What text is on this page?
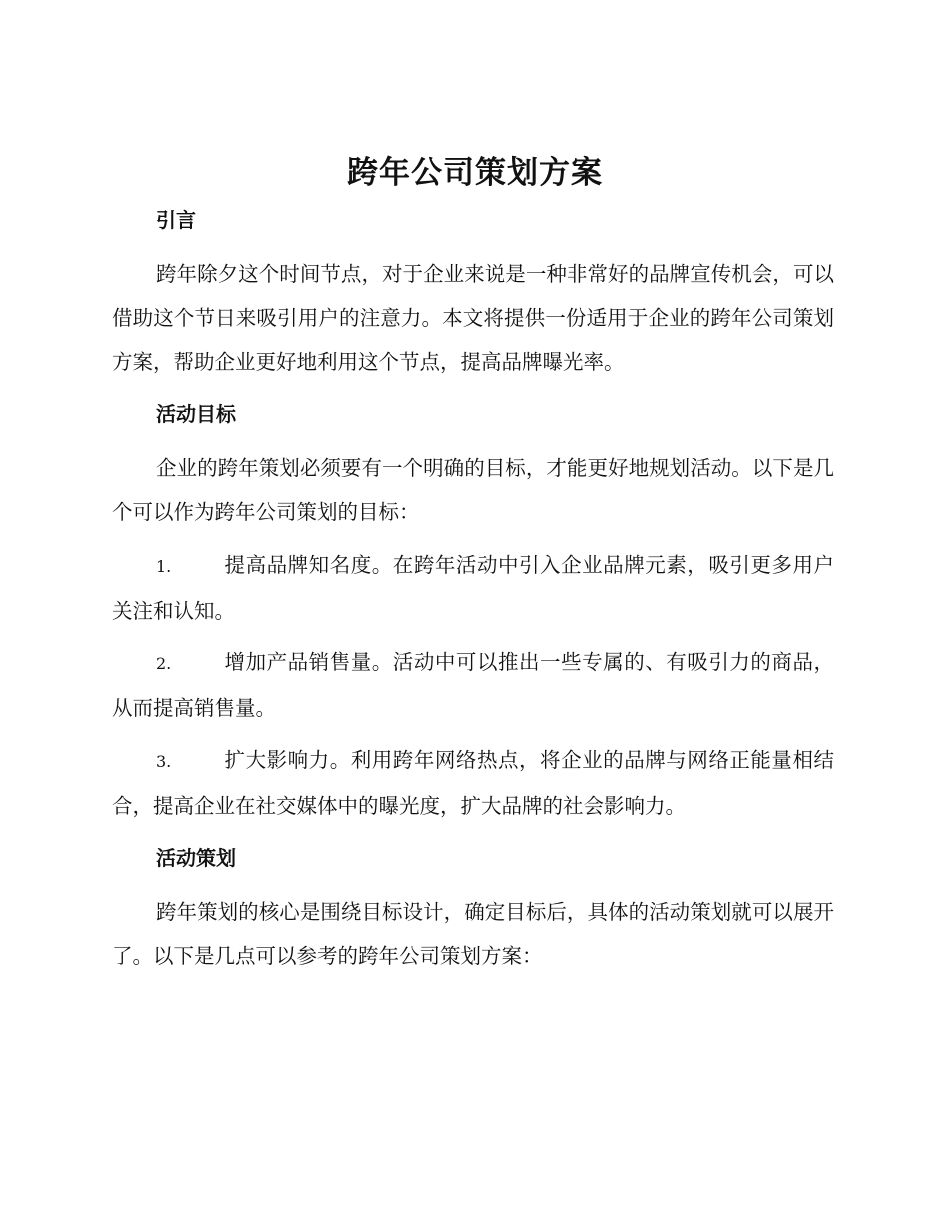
跨年公司策划方案
引言

跨年除夕这个时间节点，对于企业来说是一种非常好的品牌宣传机会，可以借助这个节日来吸引用户的注意力。本文将提供一份适用于企业的跨年公司策划方案，帮助企业更好地利用这个节点，提高品牌曝光率。

活动目标

企业的跨年策划必须要有一个明确的目标，才能更好地规划活动。以下是几个可以作为跨年公司策划的目标：

1.	提高品牌知名度。在跨年活动中引入企业品牌元素，吸引更多用户关注和认知。

2.	增加产品销售量。活动中可以推出一些专属的、有吸引力的商品，从而提高销售量。

3.	扩大影响力。利用跨年网络热点，将企业的品牌与网络正能量相结合，提高企业在社交媒体中的曝光度，扩大品牌的社会影响力。

活动策划

跨年策划的核心是围绕目标设计，确定目标后，具体的活动策划就可以展开了。以下是几点可以参考的跨年公司策划方案：
